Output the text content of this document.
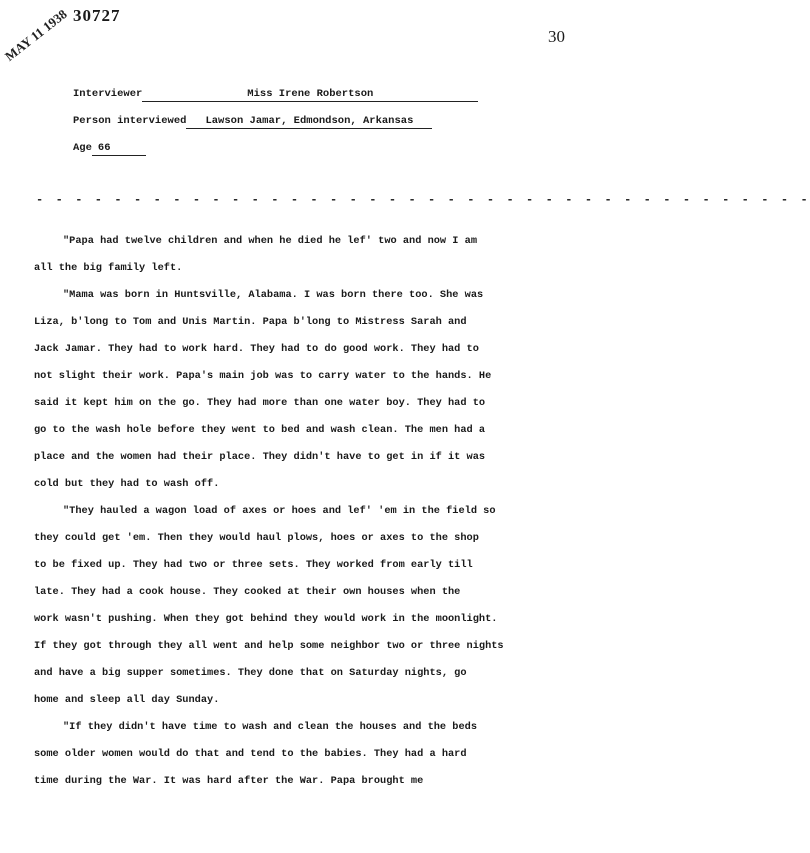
30727
30
MAY 11 1938
Interviewer	Miss Irene Robertson
Person interviewed Lawson Jamar, Edmondson, Arkansas
Age 66
- - - - - - - - - - - - - - - - - - - - - - - - - - - - - - - - - - - - - - - -
"Papa had twelve children and when he died he lef' two and now I am
all the big family left.
"Mama was born in Huntsville, Alabama. I was born there too. She was
Liza, b'long to Tom and Unis Martin. Papa b'long to Mistress Sarah and
Jack Jamar. They had to work hard. They had to do good work. They had to
not slight their work. Papa's main job was to carry water to the hands. He
said it kept him on the go. They had more than one water boy. They had to
go to the wash hole before they went to bed and wash clean. The men had a
place and the women had their place. They didn't have to get in if it was
cold but they had to wash off.
"They hauled a wagon load of axes or hoes and lef' 'em in the field so
they could get 'em. Then they would haul plows, hoes or axes to the shop
to be fixed up. They had two or three sets. They worked from early till
late. They had a cook house. They cooked at their own houses when the
work wasn't pushing. When they got behind they would work in the moonlight.
If they got through they all went and help some neighbor two or three nights
and have a big supper sometimes. They done that on Saturday nights, go
home and sleep all day Sunday.
"If they didn't have time to wash and clean the houses and the beds
some older women would do that and tend to the babies. They had a hard
time during the War. It was hard after the War. Papa brought me
